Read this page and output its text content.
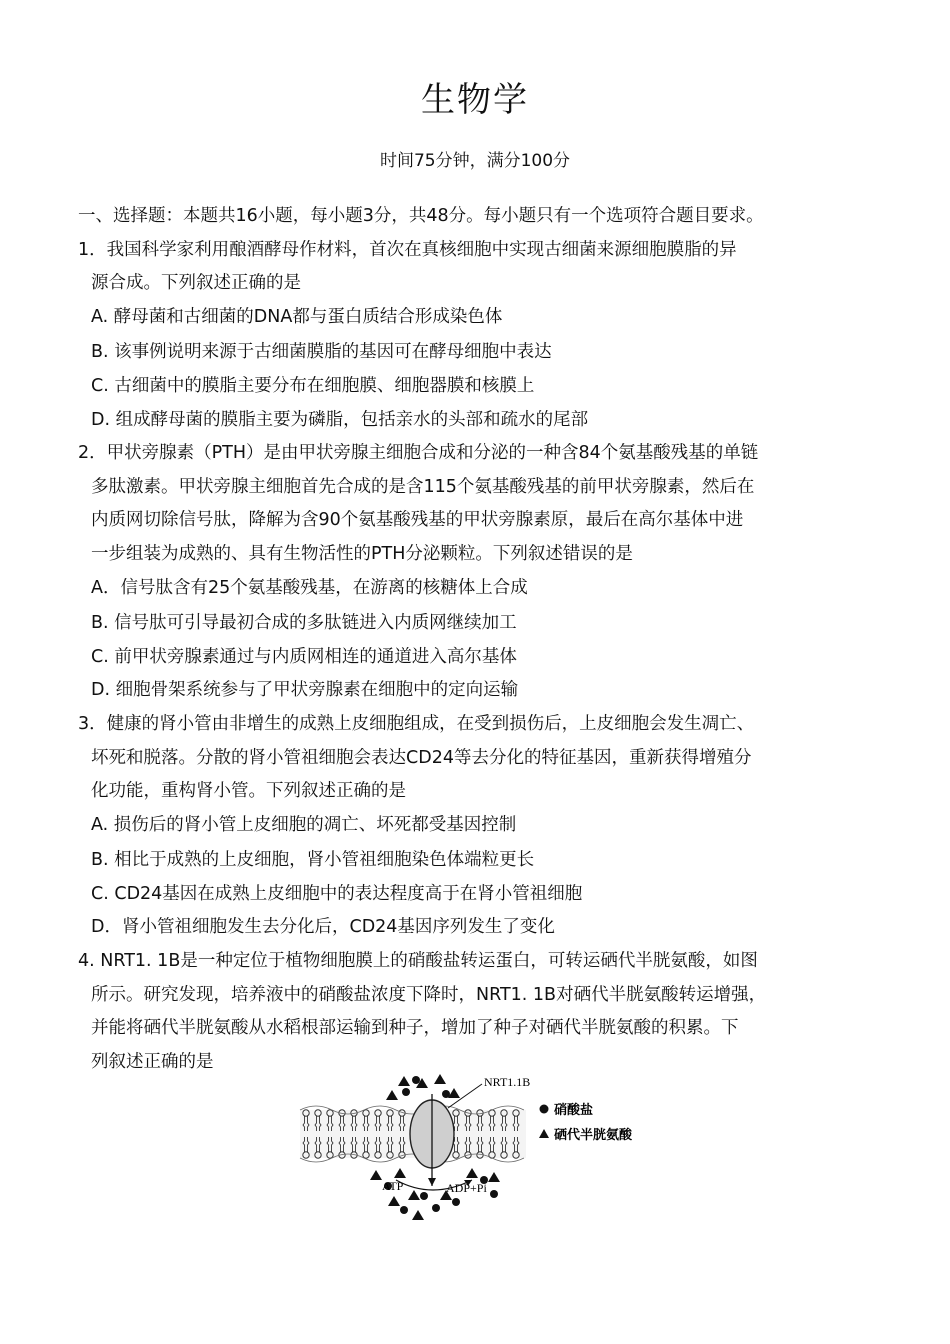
生物学
时间75分钟，满分100分
一、选择题：本题共16小题，每小题3分，共48分。每小题只有一个选项符合题目要求。
1．我国科学家利用酿酒酵母作材料，首次在真核细胞中实现古细菌来源细胞膜脂的异
源合成。下列叙述正确的是
A. 酵母菌和古细菌的DNA都与蛋白质结合形成染色体
B. 该事例说明来源于古细菌膜脂的基因可在酵母细胞中表达
C. 古细菌中的膜脂主要分布在细胞膜、细胞器膜和核膜上
D. 组成酵母菌的膜脂主要为磷脂，包括亲水的头部和疏水的尾部
2．甲状旁腺素（PTH）是由甲状旁腺主细胞合成和分泌的一种含84个氨基酸残基的单链
多肽激素。甲状旁腺主细胞首先合成的是含115个氨基酸残基的前甲状旁腺素，然后在
内质网切除信号肽，降解为含90个氨基酸残基的甲状旁腺素原，最后在高尔基体中进
一步组装为成熟的、具有生物活性的PTH分泌颗粒。下列叙述错误的是
A．信号肽含有25个氨基酸残基，在游离的核糖体上合成
B. 信号肽可引导最初合成的多肽链进入内质网继续加工
C. 前甲状旁腺素通过与内质网相连的通道进入高尔基体
D. 细胞骨架系统参与了甲状旁腺素在细胞中的定向运输
3．健康的肾小管由非增生的成熟上皮细胞组成，在受到损伤后，上皮细胞会发生凋亡、
坏死和脱落。分散的肾小管祖细胞会表达CD24等去分化的特征基因，重新获得增殖分
化功能，重构肾小管。下列叙述正确的是
A. 损伤后的肾小管上皮细胞的凋亡、坏死都受基因控制
B. 相比于成熟的上皮细胞，肾小管祖细胞染色体端粒更长
C. CD24基因在成熟上皮细胞中的表达程度高于在肾小管祖细胞
D．肾小管祖细胞发生去分化后，CD24基因序列发生了变化
4. NRT1. 1B是一种定位于植物细胞膜上的硝酸盐转运蛋白，可转运硒代半胱氨酸，如图
所示。研究发现，培养液中的硝酸盐浓度下降时，NRT1. 1B对硒代半胱氨酸转运增强，
并能将硒代半胱氨酸从水稻根部运输到种子，增加了种子对硒代半胱氨酸的积累。下
列叙述正确的是
NRT1.1B
ATP	ADP+Pi
硝酸盐
硒代半胱氨酸
